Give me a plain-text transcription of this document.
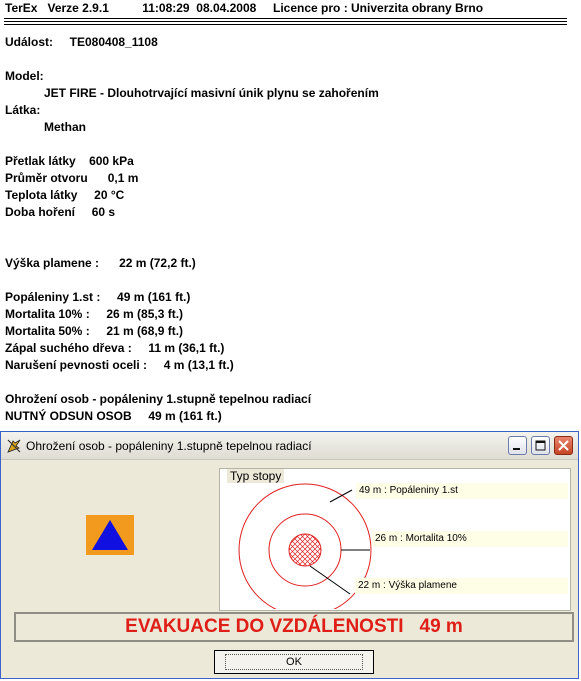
TerEx Verze 2.9.1	11:08:29 08.04.2008 Licence pro : Univerzita obrany Brno
Událost: TE080408_1108
Model:
JET FIRE - Dlouhotrvající masivní únik plynu se zahořením
Látka:
Methan
Přetlak látky 600 kPa
Průměr otvoru 0,1 m
Teplota látky 20 °C
Doba hoření 60 s
Výška plamene : 22 m (72,2 ft.)
Popáleniny 1.st : 49 m (161 ft.)
Mortalita 10% : 26 m (85,3 ft.)
Mortalita 50% : 21 m (68,9 ft.)
Zápal suchého dřeva : 11 m (36,1 ft.)
Narušení pevnosti oceli : 4 m (13,1 ft.)
Ohrožení osob - popáleniny 1.stupně tepelnou radiací
NUTNÝ ODSUN OSOB 49 m (161 ft.)
Ohrožení osob - popáleniny 1.stupně tepelnou radiací
Typ stopy
49 m : Popáleniny 1.st
26 m : Mortalita 10%
22 m : Výška plamene
EVAKUACE DO VZDÁLENOSTI 49 m
OK
